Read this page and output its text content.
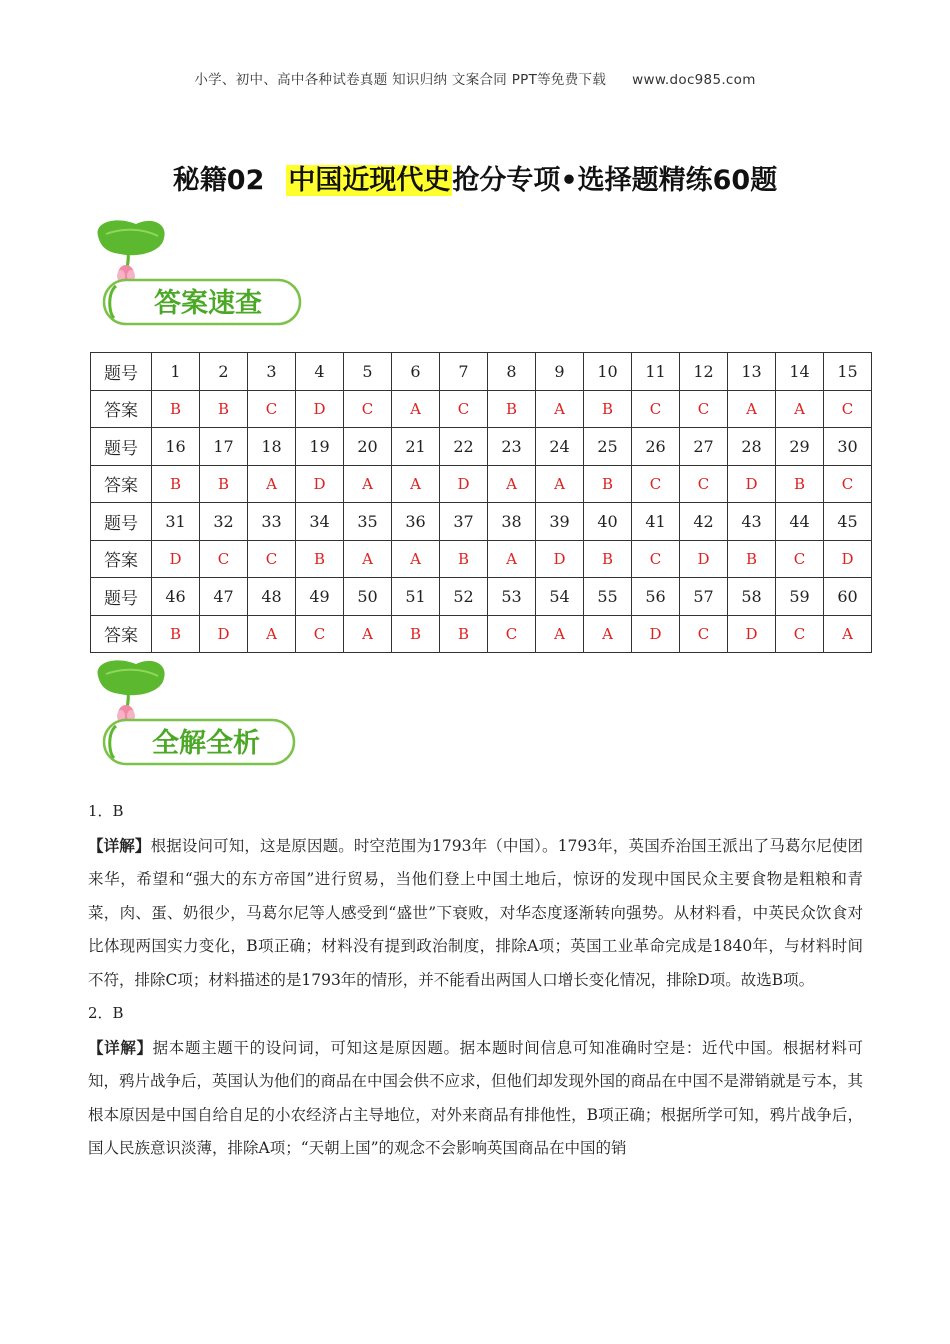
小学、初中、高中各种试卷真题 知识归纳 文案合同 PPT等免费下载 www.doc985.com
秘籍02 中国近现代史抢分专项•选择题精练60题
答案速查
题号	1	2	3	4	5	6	7	8	9	10	11	12	13	14	15
答案	B	B	C	D	C	A	C	B	A	B	C	C	A	A	C
题号	16	17	18	19	20	21	22	23	24	25	26	27	28	29	30
答案	B	B	A	D	A	A	D	A	A	B	C	C	D	B	C
题号	31	32	33	34	35	36	37	38	39	40	41	42	43	44	45
答案	D	C	C	B	A	A	B	A	D	B	C	D	B	C	D
题号	46	47	48	49	50	51	52	53	54	55	56	57	58	59	60
答案	B	D	A	C	A	B	B	C	A	A	D	C	D	C	A
全解全析

1．B

【详解】根据设问可知，这是原因题。时空范围为1793年（中国）。1793年，英国乔治国王派出了马葛尔尼使团来华，希望和“强大的东方帝国”进行贸易，当他们登上中国土地后，惊讶的发现中国民众主要食物是粗粮和青菜，肉、蛋、奶很少，马葛尔尼等人感受到“盛世”下衰败，对华态度逐渐转向强势。从材料看，中英民众饮食对比体现两国实力变化，B项正确；材料没有提到政治制度，排除A项；英国工业革命完成是1840年，与材料时间不符，排除C项；材料描述的是1793年的情形，并不能看出两国人口增长变化情况，排除D项。故选B项。

2．B

【详解】据本题主题干的设问词，可知这是原因题。据本题时间信息可知准确时空是：近代中国。根据材料可知，鸦片战争后，英国认为他们的商品在中国会供不应求，但他们却发现外国的商品在中国不是滞销就是亏本，其根本原因是中国自给自足的小农经济占主导地位，对外来商品有排他性，B项正确；根据所学可知，鸦片战争后，国人民族意识淡薄，排除A项；“天朝上国”的观念不会影响英国商品在中国的销
